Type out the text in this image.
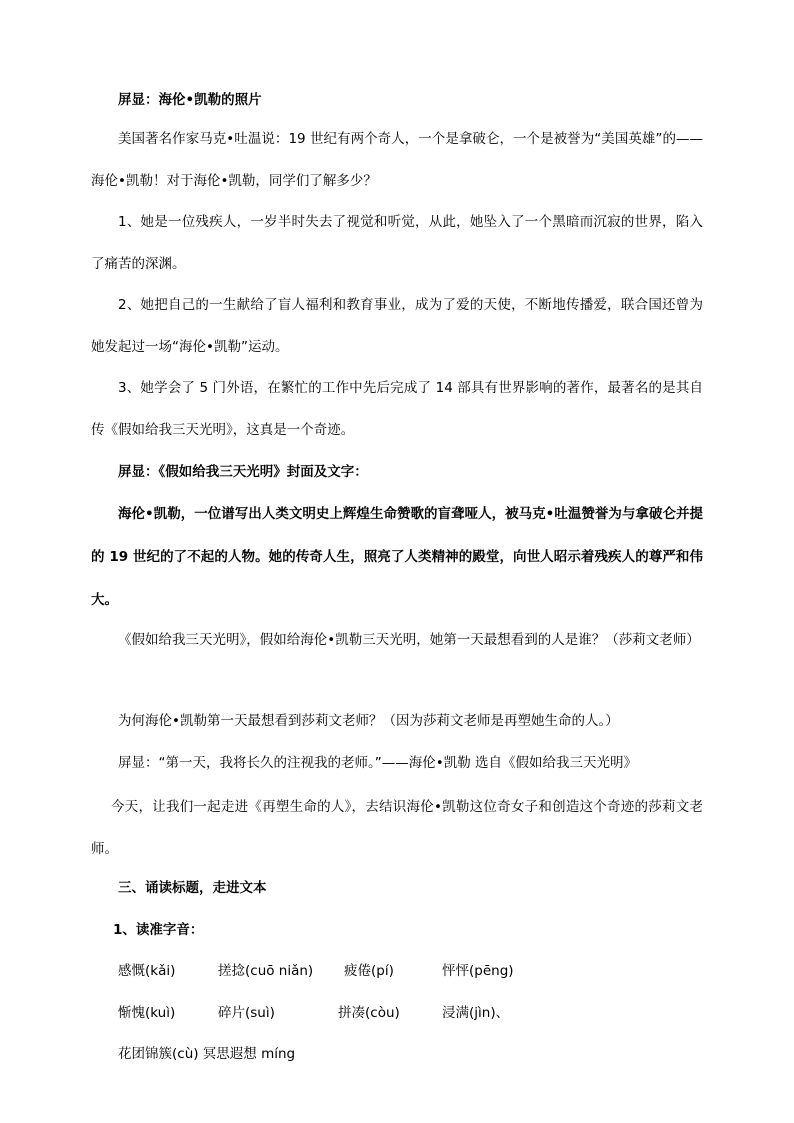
屏显：海伦•凯勒的照片
美国著名作家马克•吐温说：19 世纪有两个奇人，一个是拿破仑，一个是被誉为“美国英雄”的——海伦•凯勒！对于海伦•凯勒，同学们了解多少？
1、她是一位残疾人，一岁半时失去了视觉和听觉，从此，她坠入了一个黑暗而沉寂的世界，陷入了痛苦的深渊。
2、她把自己的一生献给了盲人福利和教育事业，成为了爱的天使，不断地传播爱，联合国还曾为她发起过一场“海伦•凯勒”运动。
3、她学会了 5 门外语，在繁忙的工作中先后完成了 14 部具有世界影响的著作，最著名的是其自传《假如给我三天光明》，这真是一个奇迹。
屏显：《假如给我三天光明》封面及文字：
海伦•凯勒，一位谱写出人类文明史上辉煌生命赞歌的盲聋哑人，被马克•吐温赞誉为与拿破仑并提的 19 世纪的了不起的人物。她的传奇人生，照亮了人类精神的殿堂，向世人昭示着残疾人的尊严和伟大。
《假如给我三天光明》，假如给海伦•凯勒三天光明，她第一天最想看到的人是谁？（莎莉文老师）
为何海伦•凯勒第一天最想看到莎莉文老师？（因为莎莉文老师是再塑她生命的人。）
屏显：“第一天，我将长久的注视我的老师。”——海伦•凯勒 选自《假如给我三天光明》
今天，让我们一起走进《再塑生命的人》，去结识海伦•凯勒这位奇女子和创造这个奇迹的莎莉文老师。
三、诵读标题，走进文本
1、读准字音：
感慨(kǎi)	搓捻(cuō niǎn) 疲倦(pí)	怦怦(pēng)
惭愧(kuì)	碎片(suì)	拼凑(còu)	浸满(jìn)、
花团锦簇(cù) 冥思遐想 míng
